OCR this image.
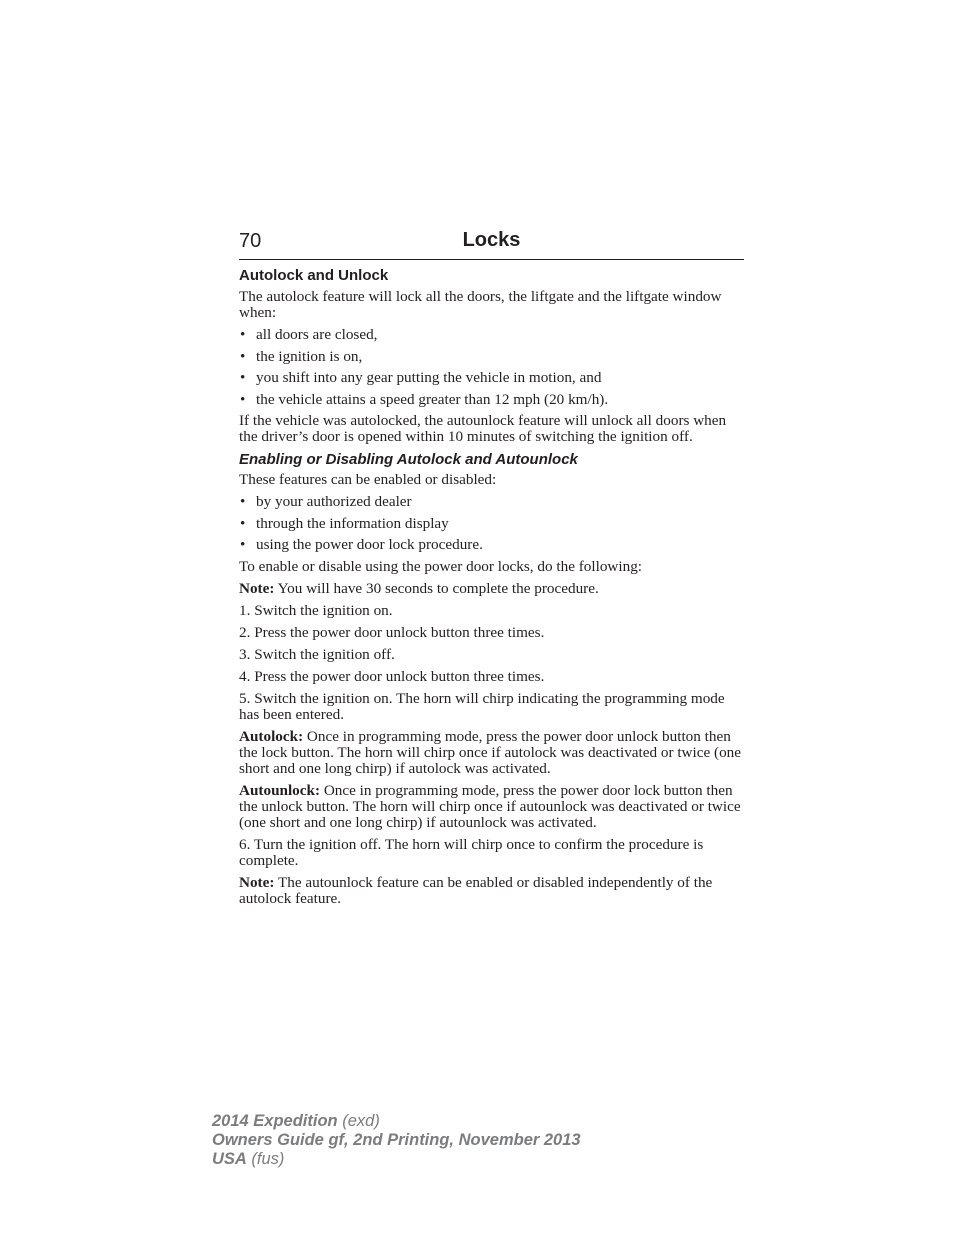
70	Locks
Autolock and Unlock
The autolock feature will lock all the doors, the liftgate and the liftgate window when:
• all doors are closed,
• the ignition is on,
• you shift into any gear putting the vehicle in motion, and
• the vehicle attains a speed greater than 12 mph (20 km/h).
If the vehicle was autolocked, the autounlock feature will unlock all doors when the driver’s door is opened within 10 minutes of switching the ignition off.
Enabling or Disabling Autolock and Autounlock
These features can be enabled or disabled:
• by your authorized dealer
• through the information display
• using the power door lock procedure.
To enable or disable using the power door locks, do the following:
Note: You will have 30 seconds to complete the procedure.
1. Switch the ignition on.
2. Press the power door unlock button three times.
3. Switch the ignition off.
4. Press the power door unlock button three times.
5. Switch the ignition on. The horn will chirp indicating the programming mode has been entered.
Autolock: Once in programming mode, press the power door unlock button then the lock button. The horn will chirp once if autolock was deactivated or twice (one short and one long chirp) if autolock was activated.
Autounlock: Once in programming mode, press the power door lock button then the unlock button. The horn will chirp once if autounlock was deactivated or twice (one short and one long chirp) if autounlock was activated.
6. Turn the ignition off. The horn will chirp once to confirm the procedure is complete.
Note: The autounlock feature can be enabled or disabled independently of the autolock feature.
2014 Expedition (exd)
Owners Guide gf, 2nd Printing, November 2013
USA (fus)
